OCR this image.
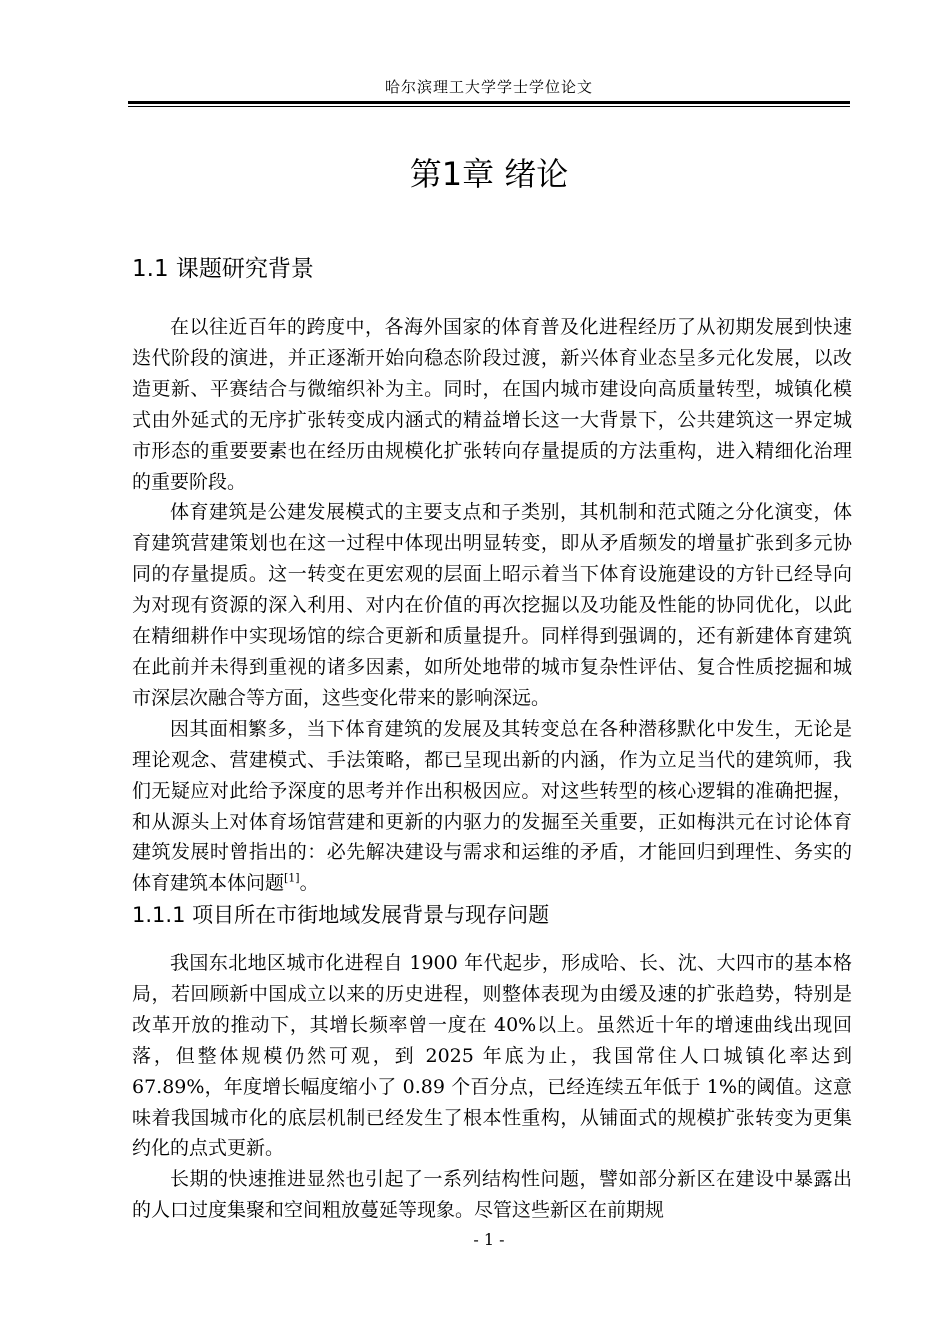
哈尔滨理工大学学士学位论文
第1章 绪论
1.1 课题研究背景

在以往近百年的跨度中，各海外国家的体育普及化进程经历了从初期发展到快速迭代阶段的演进，并正逐渐开始向稳态阶段过渡，新兴体育业态呈多元化发展，以改造更新、平赛结合与微缩织补为主。同时，在国内城市建设向高质量转型，城镇化模式由外延式的无序扩张转变成内涵式的精益增长这一大背景下，公共建筑这一界定城市形态的重要要素也在经历由规模化扩张转向存量提质的方法重构，进入精细化治理的重要阶段。

体育建筑是公建发展模式的主要支点和子类别，其机制和范式随之分化演变，体育建筑营建策划也在这一过程中体现出明显转变，即从矛盾频发的增量扩张到多元协同的存量提质。这一转变在更宏观的层面上昭示着当下体育设施建设的方针已经导向为对现有资源的深入利用、对内在价值的再次挖掘以及功能及性能的协同优化，以此在精细耕作中实现场馆的综合更新和质量提升。同样得到强调的，还有新建体育建筑在此前并未得到重视的诸多因素，如所处地带的城市复杂性评估、复合性质挖掘和城市深层次融合等方面，这些变化带来的影响深远。

因其面相繁多，当下体育建筑的发展及其转变总在各种潜移默化中发生，无论是理论观念、营建模式、手法策略，都已呈现出新的内涵，作为立足当代的建筑师，我们无疑应对此给予深度的思考并作出积极因应。对这些转型的核心逻辑的准确把握，和从源头上对体育场馆营建和更新的内驱力的发掘至关重要，正如梅洪元在讨论体育建筑发展时曾指出的：必先解决建设与需求和运维的矛盾，才能回归到理性、务实的体育建筑本体问题[1]。

1.1.1 项目所在市街地域发展背景与现存问题

我国东北地区城市化进程自 1900 年代起步，形成哈、长、沈、大四市的基本格局，若回顾新中国成立以来的历史进程，则整体表现为由缓及速的扩张趋势，特别是改革开放的推动下，其增长频率曾一度在 40%以上。虽然近十年的增速曲线出现回落，但整体规模仍然可观，到 2025 年底为止，我国常住人口城镇化率达到 67.89%，年度增长幅度缩小了 0.89 个百分点，已经连续五年低于 1%的阈值。这意味着我国城市化的底层机制已经发生了根本性重构，从铺面式的规模扩张转变为更集约化的点式更新。

长期的快速推进显然也引起了一系列结构性问题，譬如部分新区在建设中暴露出的人口过度集聚和空间粗放蔓延等现象。尽管这些新区在前期规

- 1 -
